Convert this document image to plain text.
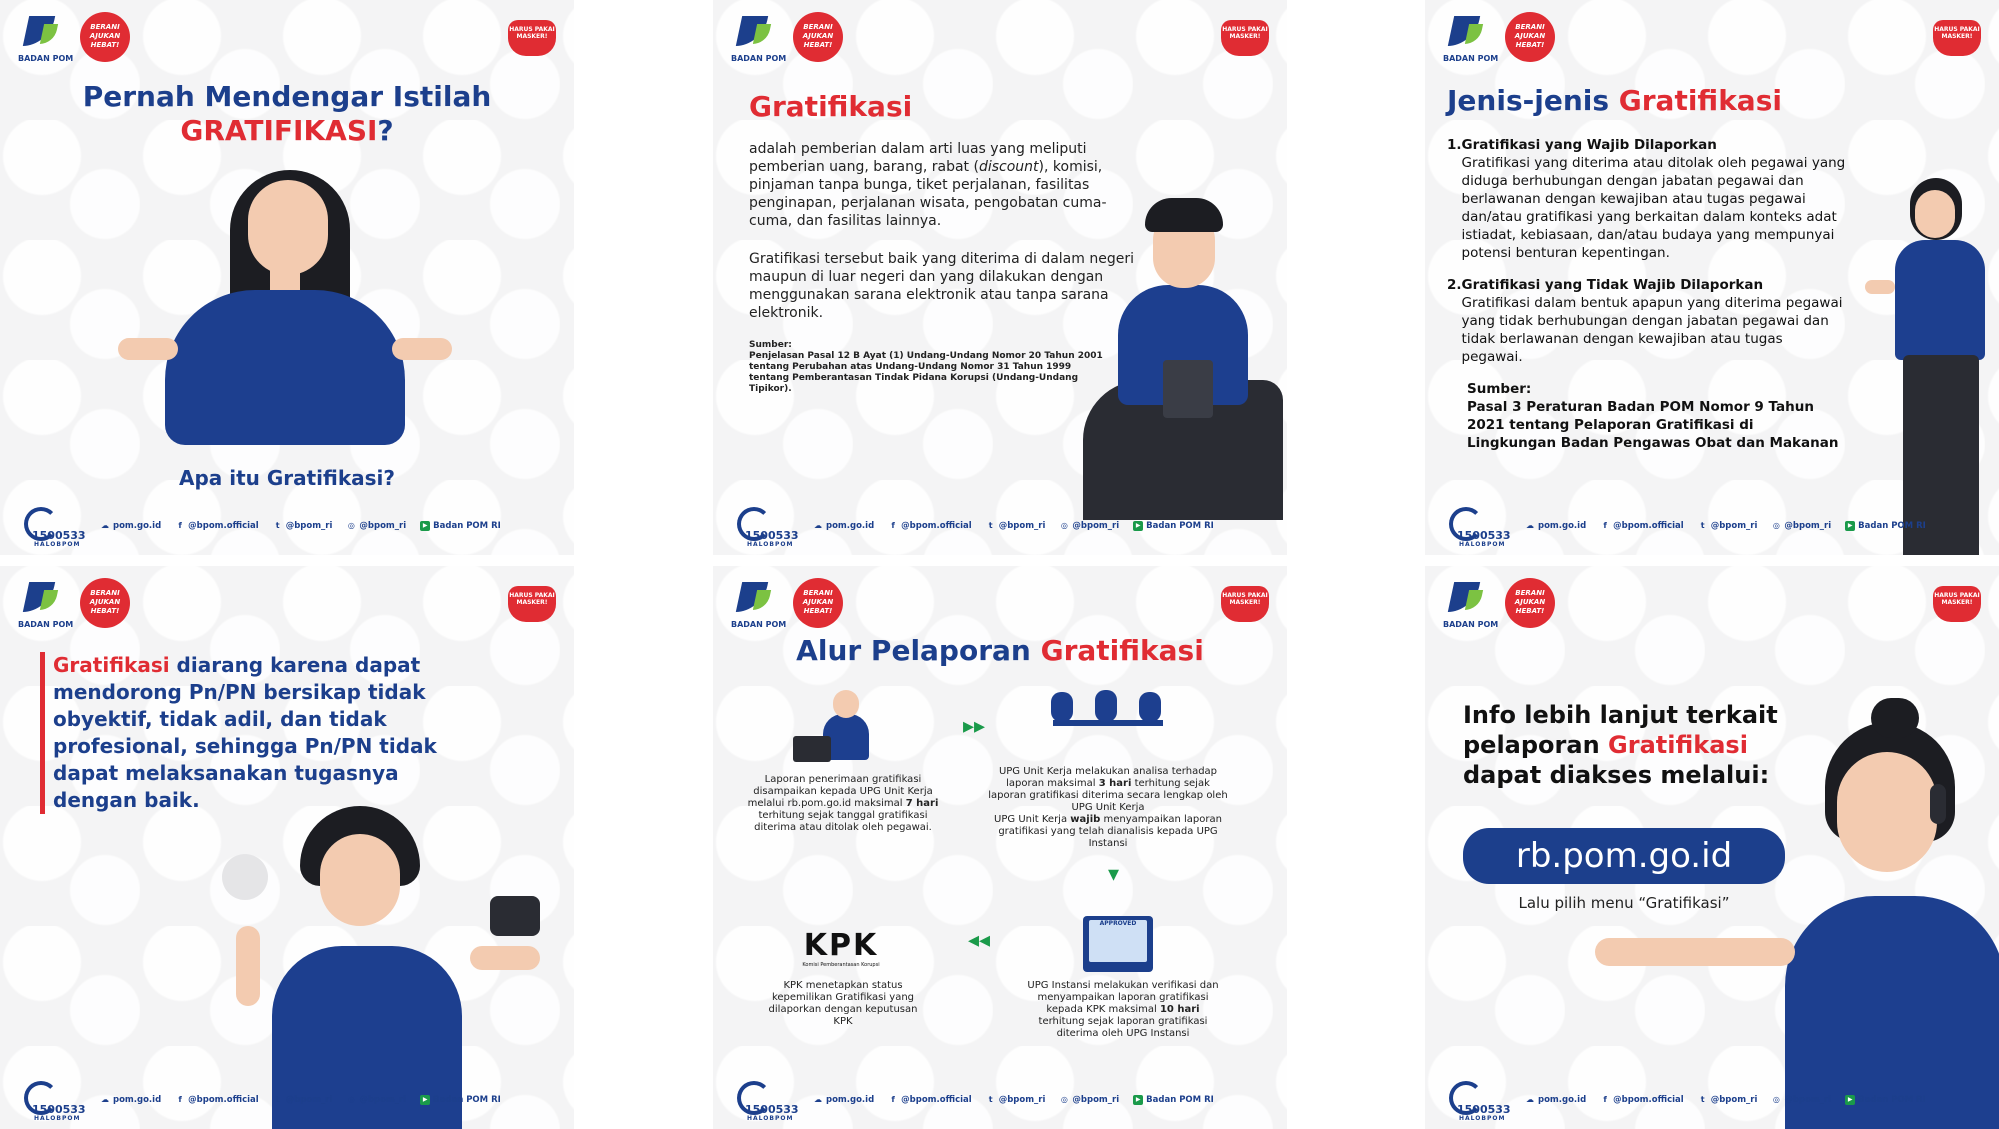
BADAN POM
BERANI AJUKAN HEBAT!
HARUS PAKAI MASKER!
Pernah Mendengar Istilah
GRATIFIKASI?
Apa itu Gratifikasi?
1500533
HALOBPOM
☁ pom.go.id	f @bpom.official	t @bpom_ri ◎ @bpom_ri	▶ Badan POM RI
BADAN POM
BERANI AJUKAN HEBAT!
HARUS PAKAI MASKER!
Gratifikasi
adalah pemberian dalam arti luas yang meliputi pemberian uang, barang, rabat (discount), komisi, pinjaman tanpa bunga, tiket perjalanan, fasilitas penginapan, perjalanan wisata, pengobatan cuma-cuma, dan fasilitas lainnya.
Gratifikasi tersebut baik yang diterima di dalam negeri maupun di luar negeri dan yang dilakukan dengan menggunakan sarana elektronik atau tanpa sarana elektronik.
Sumber:
Penjelasan Pasal 12 B Ayat (1) Undang-Undang Nomor 20 Tahun 2001 tentang Perubahan atas Undang-Undang Nomor 31 Tahun 1999 tentang Pemberantasan Tindak Pidana Korupsi (Undang-Undang Tipikor).
1500533
HALOBPOM
☁ pom.go.id	f @bpom.official	t @bpom_ri ◎ @bpom_ri	▶ Badan POM RI
BADAN POM
BERANI AJUKAN HEBAT!
HARUS PAKAI MASKER!
Jenis-jenis Gratifikasi
1. Gratifikasi yang Wajib Dilaporkan
Gratifikasi yang diterima atau ditolak oleh pegawai yang diduga berhubungan dengan jabatan pegawai dan berlawanan dengan kewajiban atau tugas pegawai dan/atau gratifikasi yang berkaitan dalam konteks adat istiadat, kebiasaan, dan/atau budaya yang mempunyai potensi benturan kepentingan.
2. Gratifikasi yang Tidak Wajib Dilaporkan
Gratifikasi dalam bentuk apapun yang diterima pegawai yang tidak berhubungan dengan jabatan pegawai dan tidak berlawanan dengan kewajiban atau tugas pegawai.
Sumber:
Pasal 3 Peraturan Badan POM Nomor 9 Tahun 2021 tentang Pelaporan Gratifikasi di Lingkungan Badan Pengawas Obat dan Makanan
1500533
HALOBPOM
☁ pom.go.id	f @bpom.official	t @bpom_ri ◎ @bpom_ri	▶ Badan POM RI
BADAN POM
BERANI AJUKAN HEBAT!
HARUS PAKAI MASKER!
Gratifikasi diarang karena dapat mendorong Pn/PN bersikap tidak obyektif, tidak adil, dan tidak profesional, sehingga Pn/PN tidak dapat melaksanakan tugasnya dengan baik.
1500533
HALOBPOM
☁ pom.go.id	f @bpom.official	t @bpom_ri ◎ @bpom_ri	▶ Badan POM RI
BADAN POM
BERANI AJUKAN HEBAT!
HARUS PAKAI MASKER!
Alur Pelaporan Gratifikasi
Laporan penerimaan gratifikasi disampaikan kepada UPG Unit Kerja melalui rb.pom.go.id maksimal 7 hari terhitung sejak tanggal gratifikasi diterima atau ditolak oleh pegawai.
▸▸
UPG Unit Kerja melakukan analisa terhadap laporan maksimal 3 hari terhitung sejak laporan gratifikasi diterima secara lengkap oleh UPG Unit Kerja
UPG Unit Kerja wajib menyampaikan laporan gratifikasi yang telah dianalisis kepada UPG Instansi
▾
APPROVED
UPG Instansi melakukan verifikasi dan menyampaikan laporan gratifikasi kepada KPK maksimal 10 hari terhitung sejak laporan gratifikasi diterima oleh UPG Instansi
◂◂
KPK
Komisi Pemberantasan Korupsi
KPK menetapkan status kepemilikan Gratifikasi yang dilaporkan dengan keputusan KPK
1500533
HALOBPOM
☁ pom.go.id	f @bpom.official	t @bpom_ri ◎ @bpom_ri	▶ Badan POM RI
BADAN POM
BERANI AJUKAN HEBAT!
HARUS PAKAI MASKER!
Info lebih lanjut terkait
pelaporan Gratifikasi
dapat diakses melalui:
rb.pom.go.id
Lalu pilih menu “Gratifikasi”
1500533
HALOBPOM
☁ pom.go.id	f @bpom.official	t @bpom_ri ◎ @bpom_ri	▶ Badan POM RI
